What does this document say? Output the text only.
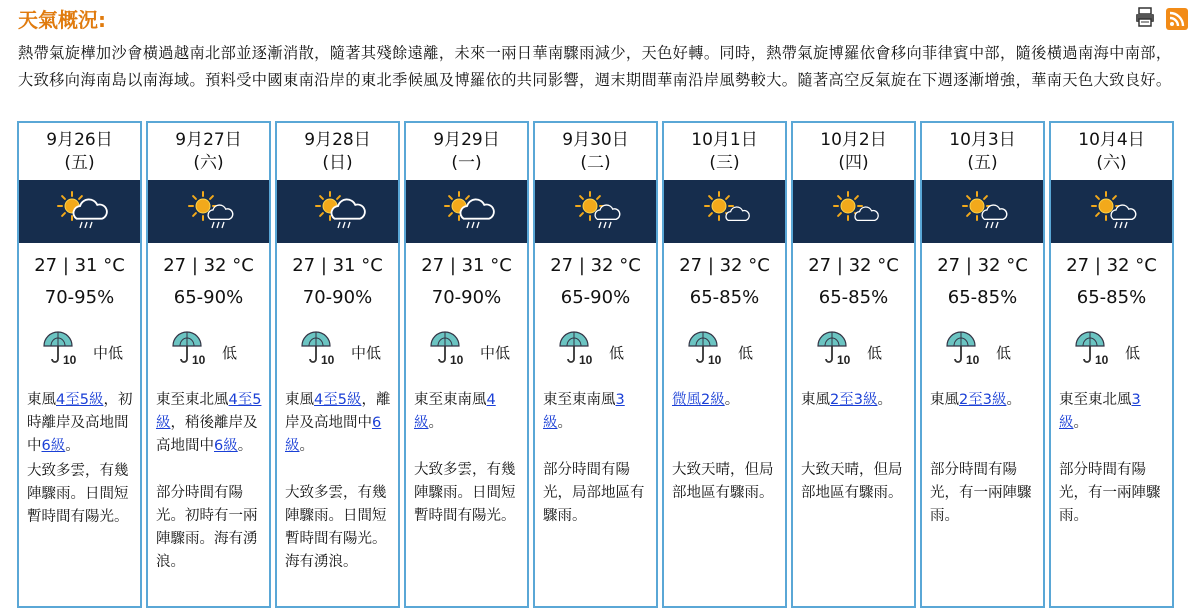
天氣概況:
熱帶氣旋樺加沙會橫過越南北部並逐漸消散，隨著其殘餘遠離，未來一兩日華南驟雨減少，天色好轉。同時，熱帶氣旋博羅依會移向菲律賓中部，隨後橫過南海中南部，大致移向海南島以南海域。預料受中國東南沿岸的東北季候風及博羅依的共同影響，週末期間華南沿岸風勢較大。隨著高空反氣旋在下週逐漸增強，華南天色大致良好。
9月26日
(五)
27 | 31 °C
70-95%
10 中低
東風4至5級，初時離岸及高地間中6級。
大致多雲，有幾陣驟雨。日間短暫時間有陽光。
9月27日
(六)
27 | 32 °C
65-90%
10 低
東至東北風4至5級，稍後離岸及高地間中6級。
部分時間有陽光。初時有一兩陣驟雨。海有湧浪。
9月28日
(日)
27 | 31 °C
70-90%
10 中低
東風4至5級，離岸及高地間中6級。
大致多雲，有幾陣驟雨。日間短暫時間有陽光。海有湧浪。
9月29日
(一)
27 | 31 °C
70-90%
10 中低
東至東南風4級。
大致多雲，有幾陣驟雨。日間短暫時間有陽光。
9月30日
(二)
27 | 32 °C
65-90%
10 低
東至東南風3級。
部分時間有陽光，局部地區有驟雨。
10月1日
(三)
27 | 32 °C
65-85%
10 低
微風2級。
大致天晴，但局部地區有驟雨。
10月2日
(四)
27 | 32 °C
65-85%
10 低
東風2至3級。
大致天晴，但局部地區有驟雨。
10月3日
(五)
27 | 32 °C
65-85%
10 低
東風2至3級。
部分時間有陽光，有一兩陣驟雨。
10月4日
(六)
27 | 32 °C
65-85%
10 低
東至東北風3級。
部分時間有陽光，有一兩陣驟雨。
